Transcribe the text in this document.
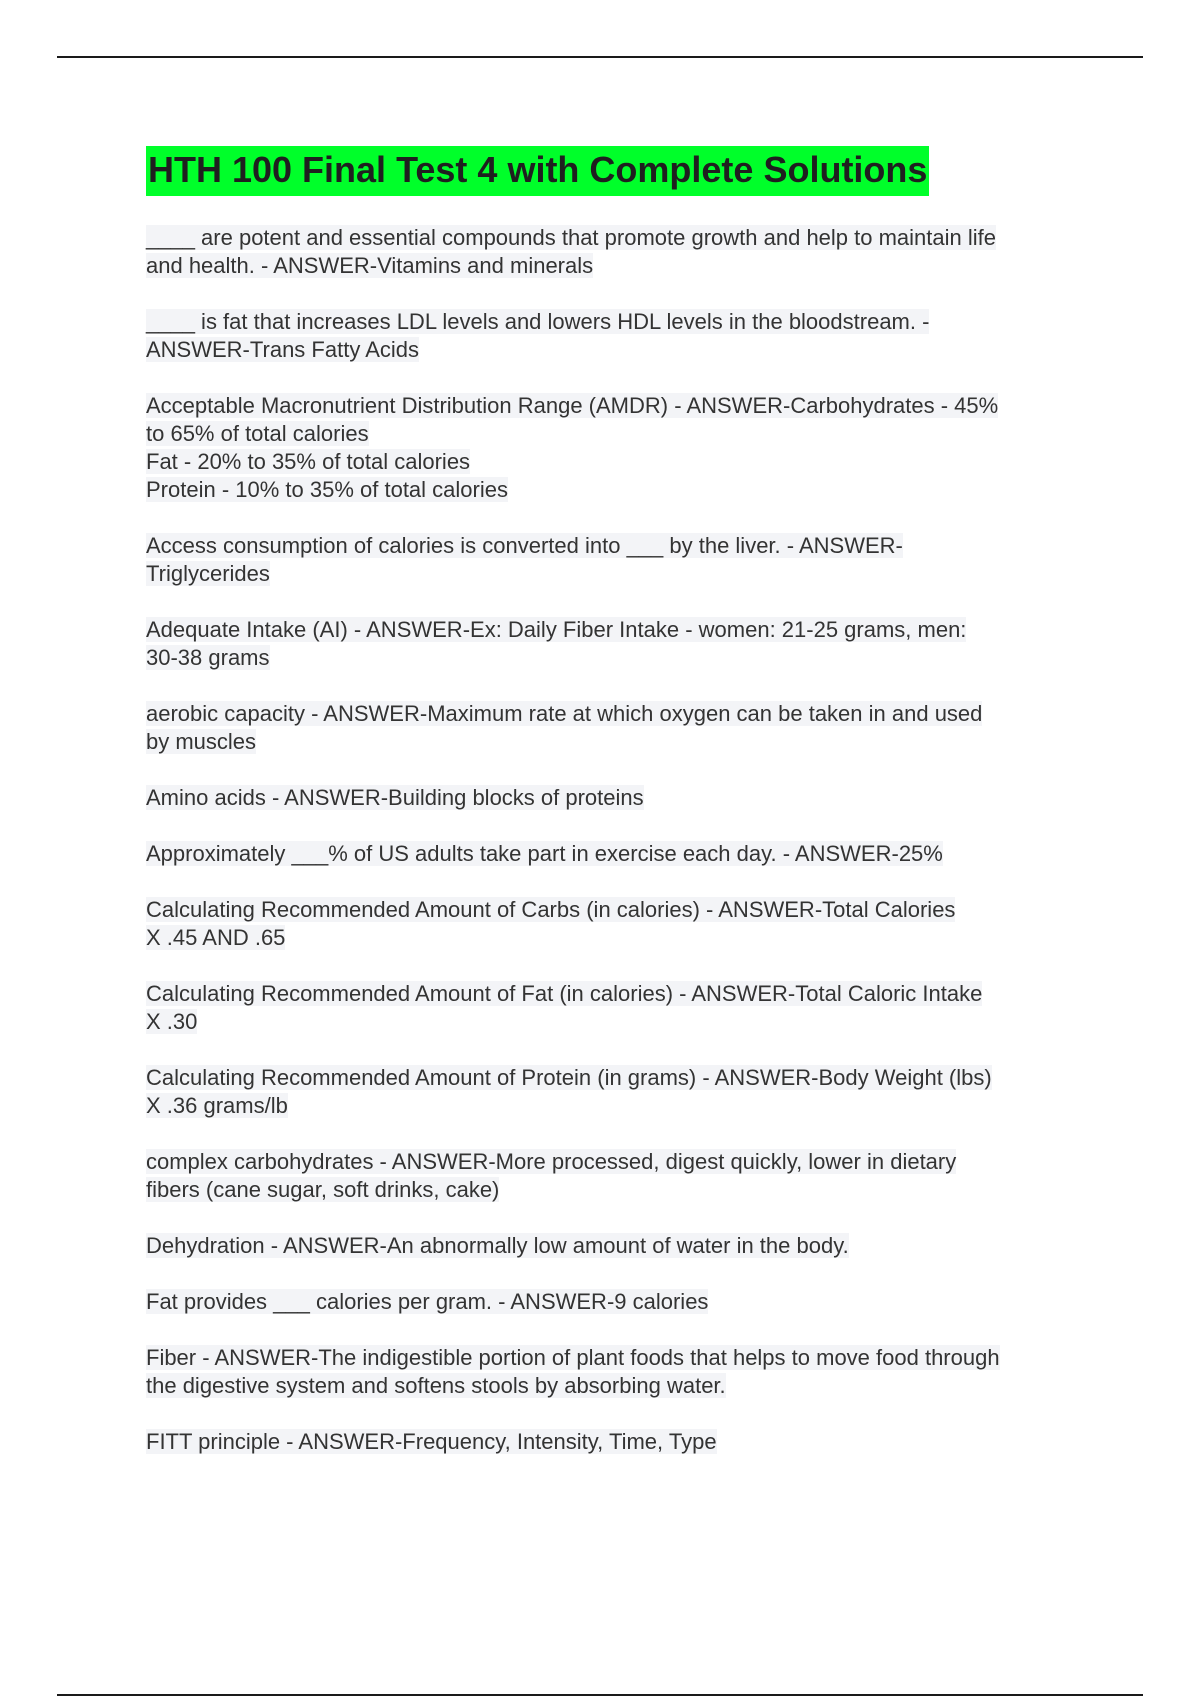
HTH 100 Final Test 4 with Complete Solutions
____ are potent and essential compounds that promote growth and help to maintain life
and health. - ANSWER-Vitamins and minerals
____ is fat that increases LDL levels and lowers HDL levels in the bloodstream. -
ANSWER-Trans Fatty Acids
Acceptable Macronutrient Distribution Range (AMDR) - ANSWER-Carbohydrates - 45%
to 65% of total calories
Fat - 20% to 35% of total calories
Protein - 10% to 35% of total calories
Access consumption of calories is converted into ___ by the liver. - ANSWER-
Triglycerides
Adequate Intake (AI) - ANSWER-Ex: Daily Fiber Intake - women: 21-25 grams, men:
30-38 grams
aerobic capacity - ANSWER-Maximum rate at which oxygen can be taken in and used
by muscles
Amino acids - ANSWER-Building blocks of proteins
Approximately ___% of US adults take part in exercise each day. - ANSWER-25%
Calculating Recommended Amount of Carbs (in calories) - ANSWER-Total Calories
X .45 AND .65
Calculating Recommended Amount of Fat (in calories) - ANSWER-Total Caloric Intake
X .30
Calculating Recommended Amount of Protein (in grams) - ANSWER-Body Weight (lbs)
X .36 grams/lb
complex carbohydrates - ANSWER-More processed, digest quickly, lower in dietary
fibers (cane sugar, soft drinks, cake)
Dehydration - ANSWER-An abnormally low amount of water in the body.
Fat provides ___ calories per gram. - ANSWER-9 calories
Fiber - ANSWER-The indigestible portion of plant foods that helps to move food through
the digestive system and softens stools by absorbing water.
FITT principle - ANSWER-Frequency, Intensity, Time, Type
